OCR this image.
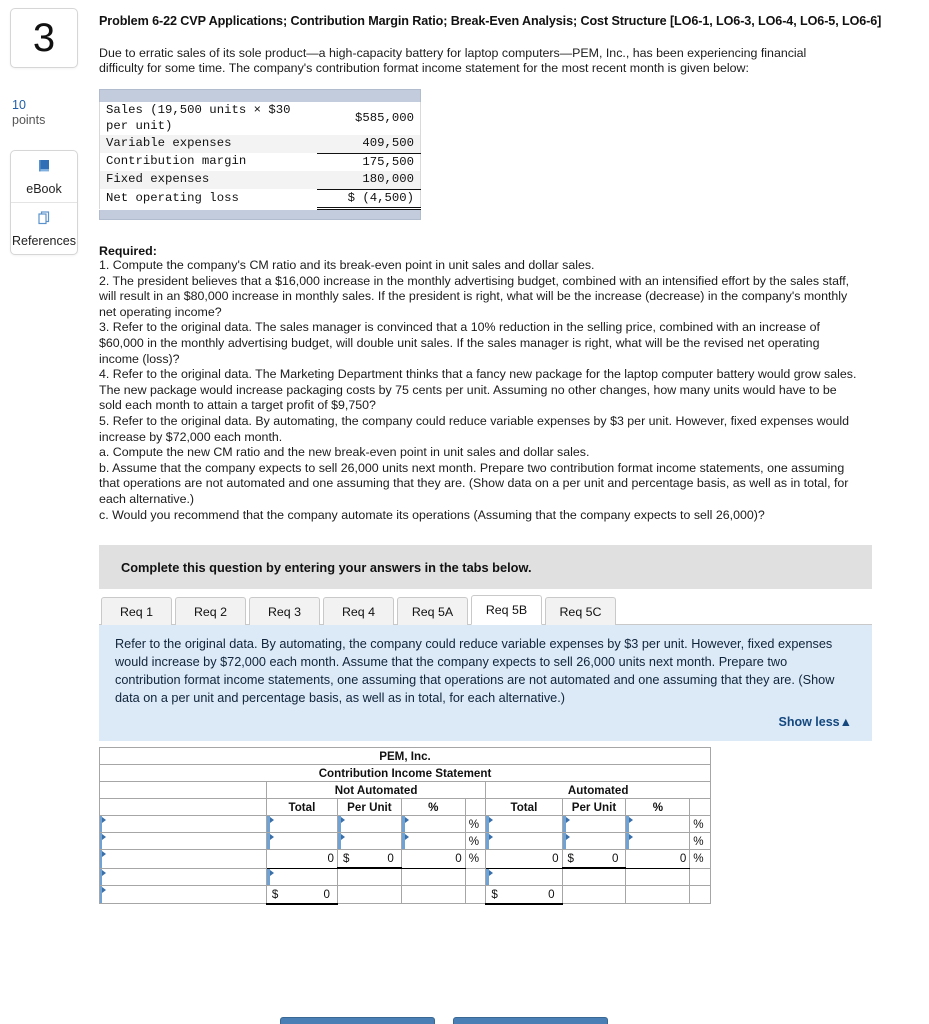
3
10
points
eBook
References
Problem 6-22 CVP Applications; Contribution Margin Ratio; Break-Even Analysis; Cost Structure [LO6-1, LO6-3, LO6-4, LO6-5, LO6-6]
Due to erratic sales of its sole product—a high-capacity battery for laptop computers—PEM, Inc., has been experiencing financial difficulty for some time. The company's contribution format income statement for the most recent month is given below:
Sales (19,500 units × $30 per unit)	$585,000
Variable expenses	409,500
Contribution margin	175,500
Fixed expenses	180,000
Net operating loss	$ (4,500)
Required:

1. Compute the company's CM ratio and its break-even point in unit sales and dollar sales.

2. The president believes that a $16,000 increase in the monthly advertising budget, combined with an intensified effort by the sales staff, will result in an $80,000 increase in monthly sales. If the president is right, what will be the increase (decrease) in the company's monthly net operating income?

3. Refer to the original data. The sales manager is convinced that a 10% reduction in the selling price, combined with an increase of $60,000 in the monthly advertising budget, will double unit sales. If the sales manager is right, what will be the revised net operating income (loss)?

4. Refer to the original data. The Marketing Department thinks that a fancy new package for the laptop computer battery would grow sales. The new package would increase packaging costs by 75 cents per unit. Assuming no other changes, how many units would have to be sold each month to attain a target profit of $9,750?

5. Refer to the original data. By automating, the company could reduce variable expenses by $3 per unit. However, fixed expenses would increase by $72,000 each month.

a. Compute the new CM ratio and the new break-even point in unit sales and dollar sales.

b. Assume that the company expects to sell 26,000 units next month. Prepare two contribution format income statements, one assuming that operations are not automated and one assuming that they are. (Show data on a per unit and percentage basis, as well as in total, for each alternative.)

c. Would you recommend that the company automate its operations (Assuming that the company expects to sell 26,000)?

Complete this question by entering your answers in the tabs below.
Req 1	Req 2	Req 3	Req 4	Req 5A	Req 5B	Req 5C
Refer to the original data. By automating, the company could reduce variable expenses by $3 per unit. However, fixed expenses would increase by $72,000 each month. Assume that the company expects to sell 26,000 units next month. Prepare two contribution format income statements, one assuming that operations are not automated and one assuming that they are. (Show data on a per unit and percentage basis, as well as in total, for each alternative.)
Show less▲
PEM, Inc.								
Contribution Income Statement								
	Not Automated				Automated			
	Total	Per Unit	%		Total	Per Unit	%	
				%				%
				%				%
	0	$ 0	0	%	0	$ 0	0	%

	$ 0				$ 0			
